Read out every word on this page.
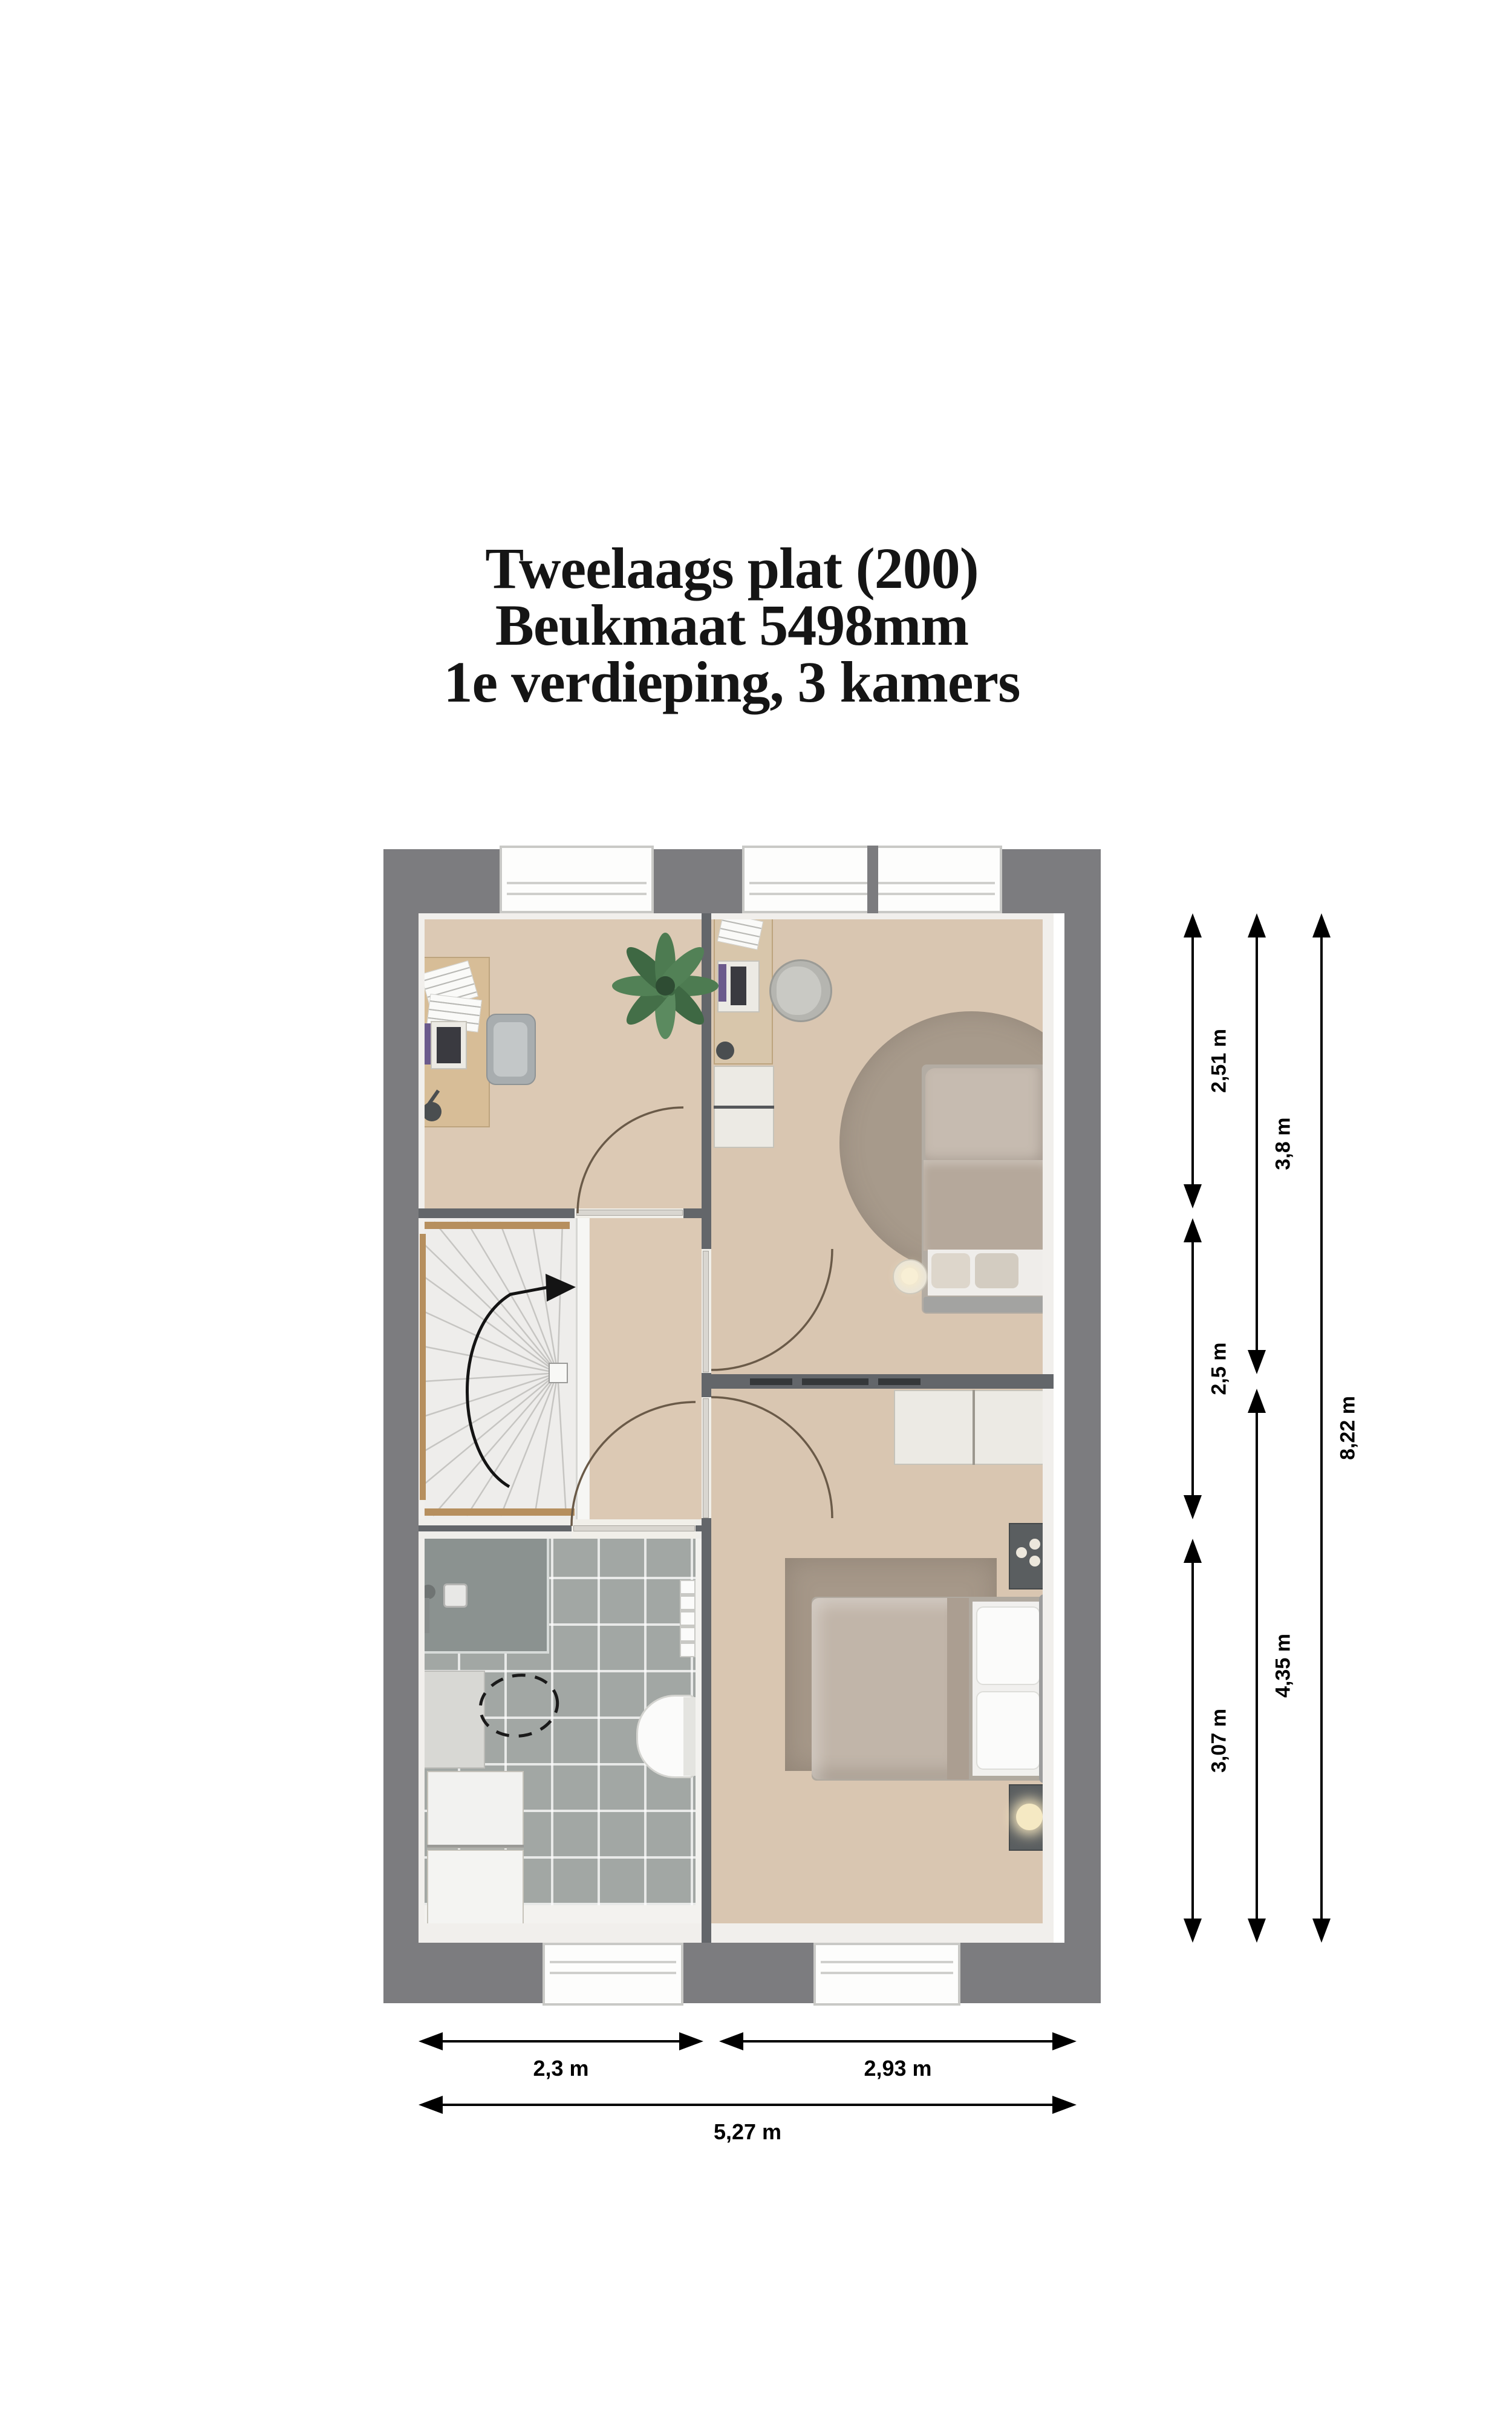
Tweelaags plat (200)
Beukmaat 5498mm
1e verdieping, 3 kamers
2,51 m
2,5 m
3,07 m
3,8 m
4,35 m
8,22 m
2,3 m	2,93 m
5,27 m
